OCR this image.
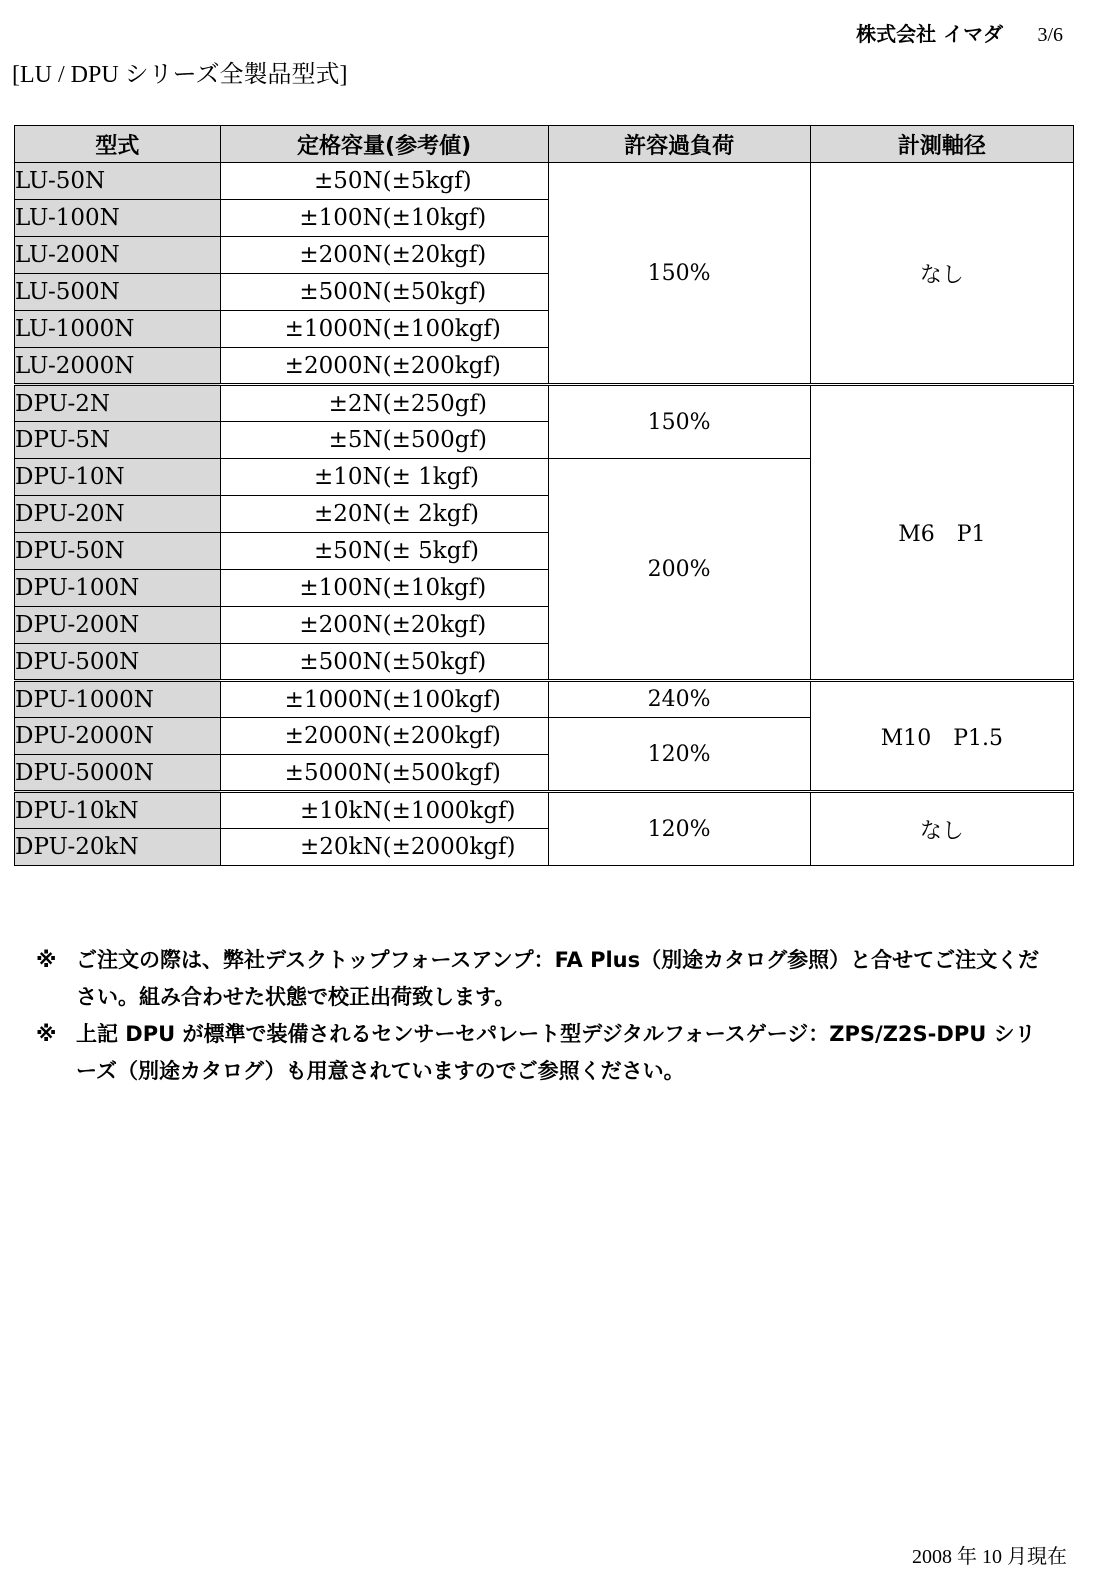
株式会社 イマダ 3/6
[LU / DPU シリーズ全製品型式]
型式	定格容量(参考値)		許容過負荷	計測軸径
LU-50N	±50N	(±5kgf)	150%	なし
LU-100N	±100N	(±10kgf)		
LU-200N	±200N	(±20kgf)		
LU-500N	±500N	(±50kgf)		
LU-1000N	±1000N	(±100kgf)		
LU-2000N	±2000N	(±200kgf)		
DPU-2N	±2N	(±250gf)	150%	M6　P1
DPU-5N	±5N	(±500gf)		
DPU-10N	±10N	(± 1kgf)	200%	
DPU-20N	±20N	(± 2kgf)		
DPU-50N	±50N	(± 5kgf)		
DPU-100N	±100N	(±10kgf)		
DPU-200N	±200N	(±20kgf)		
DPU-500N	±500N	(±50kgf)		
DPU-1000N	±1000N	(±100kgf)	240%	M10　P1.5
DPU-2000N	±2000N	(±200kgf)	120%	
DPU-5000N	±5000N	(±500kgf)		
DPU-10kN	±10kN	(±1000kgf)	120%	なし
DPU-20kN	±20kN	(±2000kgf)		
※ ご注文の際は、弊社デスクトップフォースアンプ：FA Plus（別途カタログ参照）と合せてご注文ください。組み合わせた状態で校正出荷致します。
※ 上記 DPU が標準で装備されるセンサーセパレート型デジタルフォースゲージ：ZPS/Z2S-DPU シリーズ（別途カタログ）も用意されていますのでご参照ください。
2008 年 10 月現在
